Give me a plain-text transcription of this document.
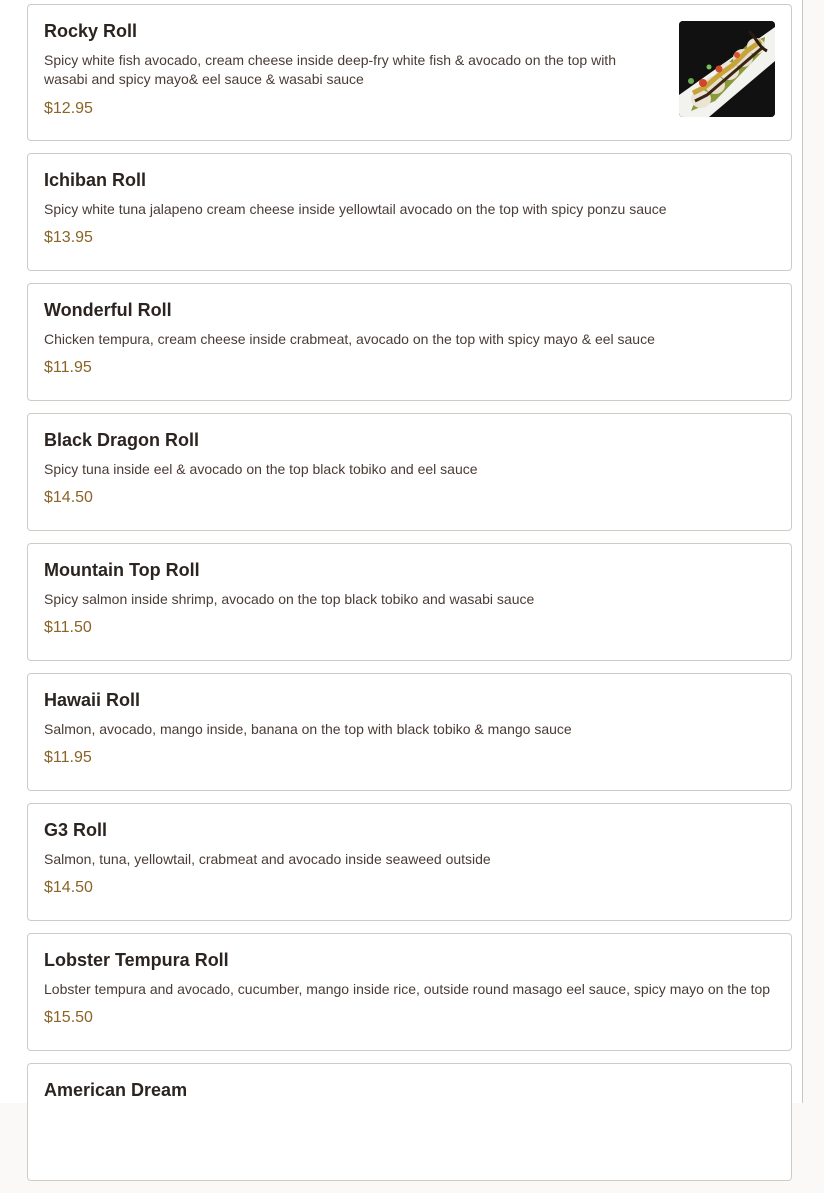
Rocky Roll

Spicy white fish avocado, cream cheese inside deep-fry white fish & avocado on the top with wasabi and spicy mayo& eel sauce & wasabi sauce

$12.95

Ichiban Roll

Spicy white tuna jalapeno cream cheese inside yellowtail avocado on the top with spicy ponzu sauce

$13.95

Wonderful Roll

Chicken tempura, cream cheese inside crabmeat, avocado on the top with spicy mayo & eel sauce

$11.95

Black Dragon Roll

Spicy tuna inside eel & avocado on the top black tobiko and eel sauce

$14.50

Mountain Top Roll

Spicy salmon inside shrimp, avocado on the top black tobiko and wasabi sauce

$11.50

Hawaii Roll

Salmon, avocado, mango inside, banana on the top with black tobiko & mango sauce

$11.95

G3 Roll

Salmon, tuna, yellowtail, crabmeat and avocado inside seaweed outside

$14.50

Lobster Tempura Roll

Lobster tempura and avocado, cucumber, mango inside rice, outside round masago eel sauce, spicy mayo on the top

$15.50

American Dream
